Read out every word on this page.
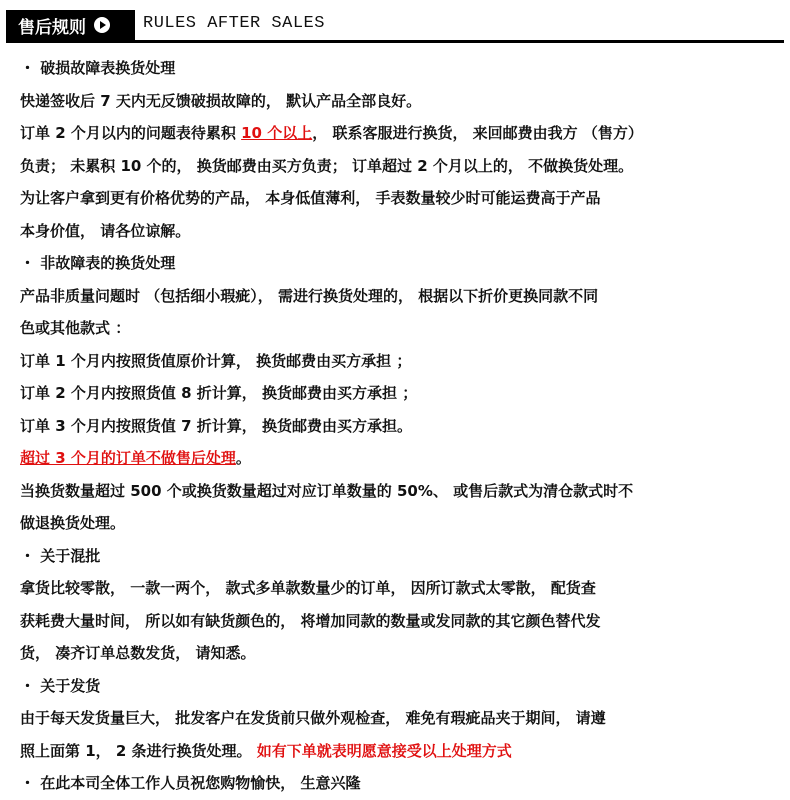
售后规则	RULES AFTER SALES
・ 破损故障表换货处理
快递签收后 7 天内无反馈破损故障的， 默认产品全部良好。
订单 2 个月以内的问题表待累积 10 个以上， 联系客服进行换货， 来回邮费由我方 （售方）
负责； 未累积 10 个的， 换货邮费由买方负责； 订单超过 2 个月以上的， 不做换货处理。
为让客户拿到更有价格优势的产品， 本身低值薄利， 手表数量较少时可能运费高于产品
本身价值， 请各位谅解。
・ 非故障表的换货处理
产品非质量问题时 （包括细小瑕疵）， 需进行换货处理的， 根据以下折价更换同款不同
色或其他款式 ：
订单 1 个月内按照货值原价计算， 换货邮费由买方承担 ；
订单 2 个月内按照货值 8 折计算， 换货邮费由买方承担 ；
订单 3 个月内按照货值 7 折计算， 换货邮费由买方承担。
超过 3 个月的订单不做售后处理。
当换货数量超过 500 个或换货数量超过对应订单数量的 50%、 或售后款式为清仓款式时不
做退换货处理。
・ 关于混批
拿货比较零散， 一款一两个， 款式多单款数量少的订单， 因所订款式太零散， 配货查
获耗费大量时间， 所以如有缺货颜色的， 将增加同款的数量或发同款的其它颜色替代发
货， 凑齐订单总数发货， 请知悉。
・ 关于发货
由于每天发货量巨大， 批发客户在发货前只做外观检查， 难免有瑕疵品夹于期间， 请遵
照上面第 1， 2 条进行换货处理。 如有下单就表明愿意接受以上处理方式
・ 在此本司全体工作人员祝您购物愉快， 生意兴隆
